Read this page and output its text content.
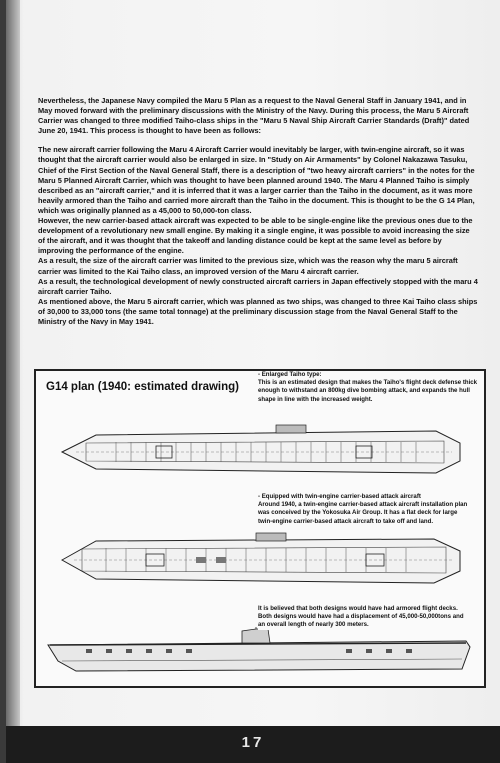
Nevertheless, the Japanese Navy compiled the Maru 5 Plan as a request to the Naval General Staff in January 1941, and in May moved forward with the preliminary discussions with the Ministry of the Navy. During this process, the Maru 5 Aircraft Carrier was changed to three modified Taiho-class ships in the "Maru 5 Naval Ship Aircraft Carrier Standards (Draft)" dated June 20, 1941. This process is thought to have been as follows:

The new aircraft carrier following the Maru 4 Aircraft Carrier would inevitably be larger, with twin-engine aircraft, so it was thought that the aircraft carrier would also be enlarged in size. In "Study on Air Armaments" by Colonel Nakazawa Tasuku, Chief of the First Section of the Naval General Staff, there is a description of "two heavy aircraft carriers" in the notes for the Maru 5 Planned Aircraft Carrier, which was thought to have been planned around 1940. The Maru 4 Planned Taiho is simply described as an "aircraft carrier," and it is inferred that it was a larger carrier than the Taiho in the document, as it was more heavily armored than the Taiho and carried more aircraft than the Taiho in the document. This is thought to be the G 14 Plan, which was originally planned as a 45,000 to 50,000-ton class.

However, the new carrier-based attack aircraft was expected to be able to be single-engine like the previous ones due to the development of a revolutionary new small engine. By making it a single engine, it was possible to avoid increasing the size of the aircraft, and it was thought that the takeoff and landing distance could be kept at the same level as before by improving the performance of the engine.

As a result, the size of the aircraft carrier was limited to the previous size, which was the reason why the maru 5 aircraft carrier was limited to the Kai Taiho class, an improved version of the Maru 4 aircraft carrier.

As a result, the technological development of newly constructed aircraft carriers in Japan effectively stopped with the maru 4 aircraft carrier Taiho.

As mentioned above, the Maru 5 aircraft carrier, which was planned as two ships, was changed to three Kai Taiho class ships of 30,000 to 33,000 tons (the same total tonnage) at the preliminary discussion stage from the Naval General Staff to the Ministry of the Navy in May 1941.

G14 plan (1940: estimated drawing)
- Enlarged Taiho type:
This is an estimated design that makes the Taiho's flight deck defense thick enough to withstand an 800kg dive bombing attack, and expands the hull shape in line with the increased weight.
- Equipped with twin-engine carrier-based attack aircraft
Around 1940, a twin-engine carrier-based attack aircraft installation plan was conceived by the Yokosuka Air Group. It has a flat deck for large twin-engine carrier-based attack aircraft to take off and land.
It is believed that both designs would have had armored flight decks. Both designs would have had a displacement of 45,000-50,000tons and an overall length of nearly 300 meters.
17
